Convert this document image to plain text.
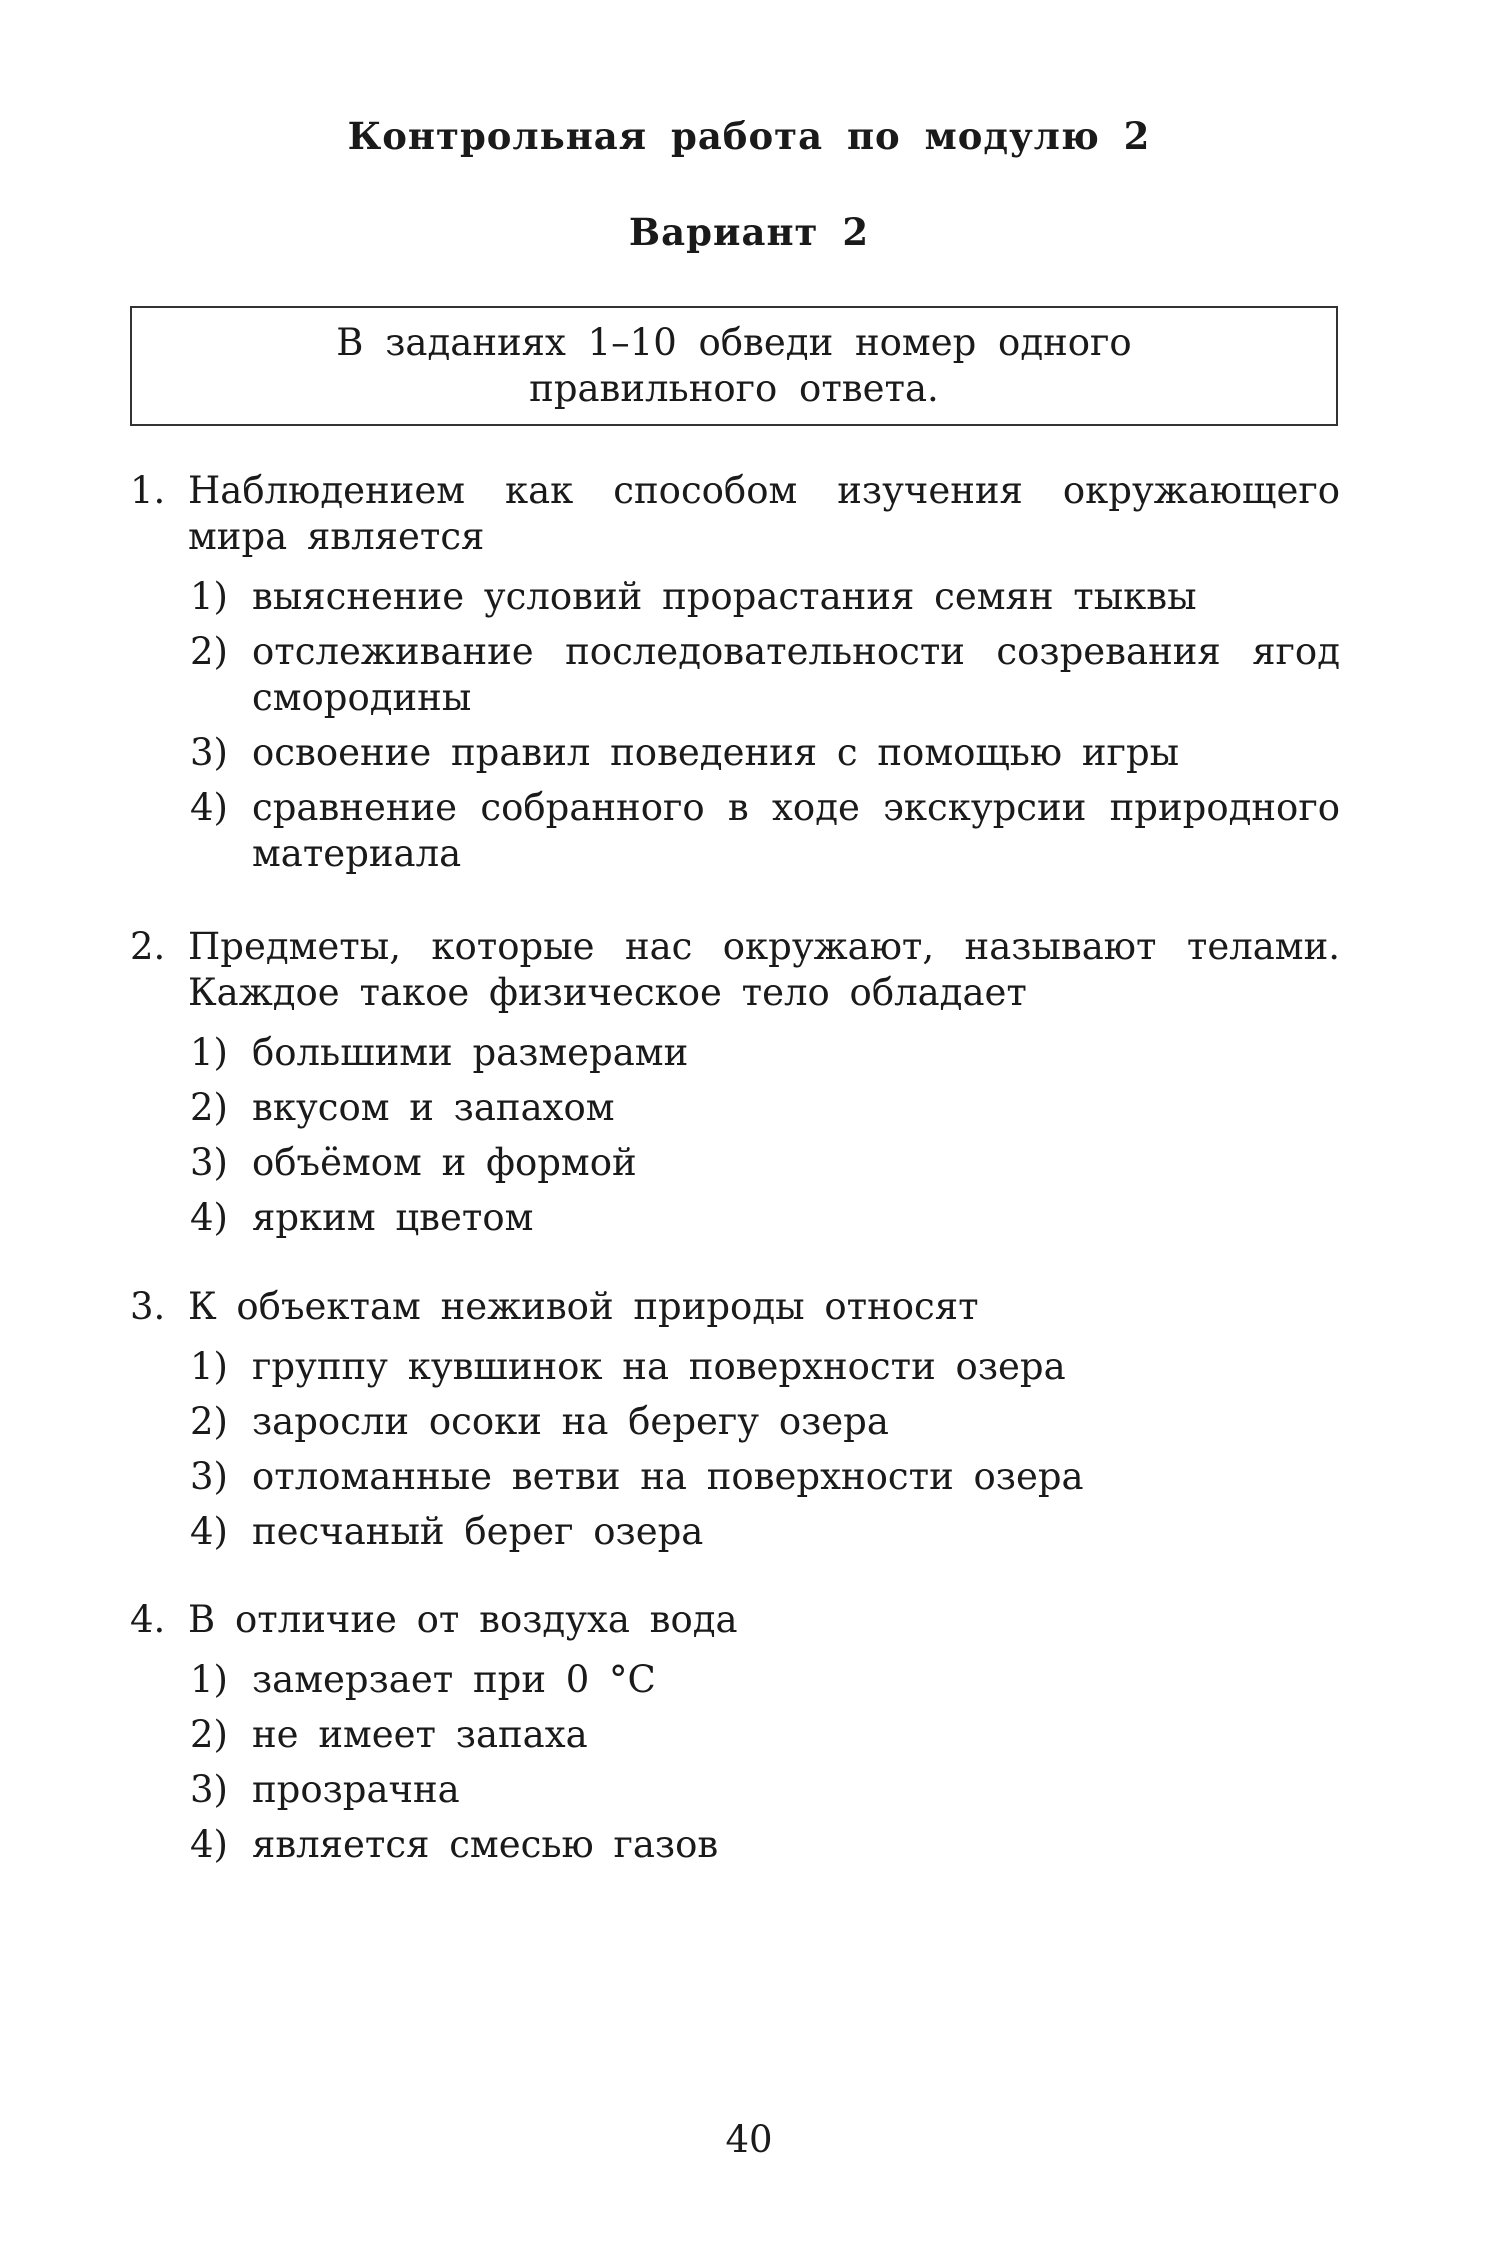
Контрольная работа по модулю 2
Вариант 2
В заданиях 1–10 обведи номер одного правильного ответа.
1. Наблюдением как способом изучения окружающего мира является
1) выяснение условий прорастания семян тыквы
2) отслеживание последовательности созревания ягод смородины
3) освоение правил поведения с помощью игры
4) сравнение собранного в ходе экскурсии природного материала
2. Предметы, которые нас окружают, называют телами. Каждое такое физическое тело обладает
1) большими размерами
2) вкусом и запахом
3) объёмом и формой
4) ярким цветом
3. К объектам неживой природы относят
1) группу кувшинок на поверхности озера
2) заросли осоки на берегу озера
3) отломанные ветви на поверхности озера
4) песчаный берег озера
4. В отличие от воздуха вода
1) замерзает при 0 °С
2) не имеет запаха
3) прозрачна
4) является смесью газов
40
